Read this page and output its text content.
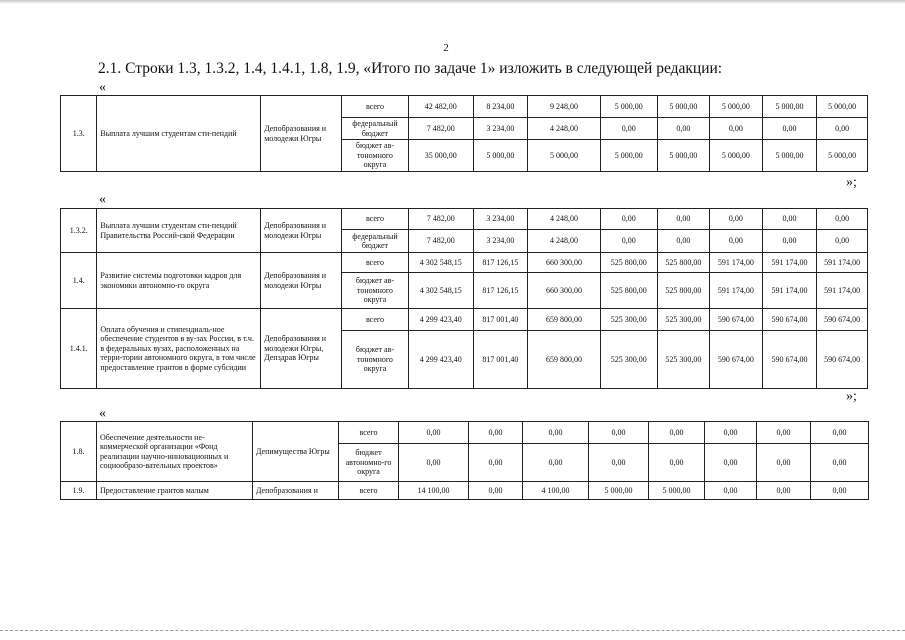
2
2.1. Строки 1.3, 1.3.2, 1.4, 1.4.1, 1.8, 1.9, «Итого по задаче 1» изложить в следующей редакции:
«
1.3.	Выплата лучшим студентам сти-пендий	Депобразования и молодежи Югры	всего	42 482,00	8 234,00	9 248,00	5 000,00	5 000,00	5 000,00	5 000,00	5 000,00
			федеральный бюджет	7 482,00	3 234,00	4 248,00	0,00	0,00	0,00	0,00	0,00
			бюджет ав-тономного округа	35 000,00	5 000,00	5 000,00	5 000,00	5 000,00	5 000,00	5 000,00	5 000,00
»;
«
1.3.2.	Выплата лучшим студентам сти-пендий Правительства Россий-ской Федерации	Депобразования и молодежи Югры	всего	7 482,00	3 234,00	4 248,00	0,00	0,00	0,00	0,00	0,00
			федеральный бюджет	7 482,00	3 234,00	4 248,00	0,00	0,00	0,00	0,00	0,00
1.4.	Развитие системы подготовки кадров для экономики автономно-го округа	Депобразования и молодежи Югры	всего	4 302 548,15	817 126,15	660 300,00	525 800,00	525 800,00	591 174,00	591 174,00	591 174,00
			бюджет ав-тономного округа	4 302 548,15	817 126,15	660 300,00	525 800,00	525 800,00	591 174,00	591 174,00	591 174,00
1.4.1.	Оплата обучения и стипендиаль-ное обеспечение студентов в ву-зах России, в т.ч. в федеральных вузах, расположенных на терри-тории автономного округа, в том числе предоставление грантов в форме субсидии	Депобразования и молодежи Югры, Депздрав Югры	всего	4 299 423,40	817 001,40	659 800,00	525 300,00	525 300,00	590 674,00	590 674,00	590 674,00
			бюджет ав-тономного округа	4 299 423,40	817 001,40	659 800,00	525 300,00	525 300,00	590 674,00	590 674,00	590 674,00
»;
«
1.8.	Обеспечение деятельности не-коммерческой организации «Фонд реализации научно-инновационных и социообразо-вательных проектов»	Депимущества Югры	всего	0,00	0,00	0,00	0,00	0,00	0,00	0,00	0,00
			бюджет автономно-го округа	0,00	0,00	0,00	0,00	0,00	0,00	0,00	0,00
1.9.	Предоставление грантов малым	Депобразования и	всего	14 100,00	0,00	4 100,00	5 000,00	5 000,00	0,00	0,00	0,00
